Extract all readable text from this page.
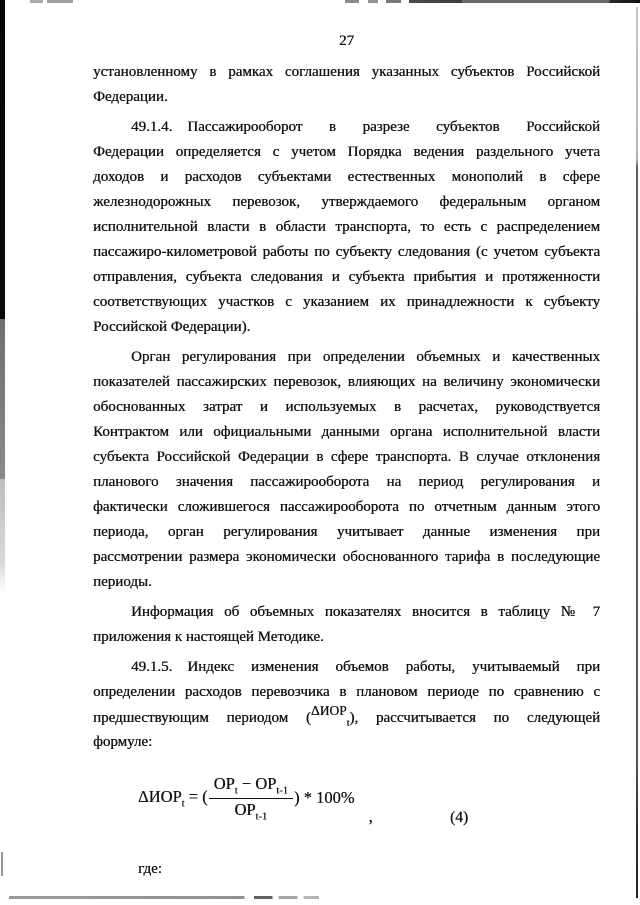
27
установленному в рамках соглашения указанных субъектов Российской
Федерации.
49.1.4. Пассажирооборот в разрезе субъектов Российской
Федерации определяется с учетом Порядка ведения раздельного учета
доходов и расходов субъектами естественных монополий в сфере
железнодорожных перевозок, утверждаемого федеральным органом
исполнительной власти в области транспорта, то есть с распределением
пассажиро-километровой работы по субъекту следования (с учетом субъекта
отправления, субъекта следования и субъекта прибытия и протяженности
соответствующих участков с указанием их принадлежности к субъекту
Российской Федерации).
Орган регулирования при определении объемных и качественных
показателей пассажирских перевозок, влияющих на величину экономически
обоснованных затрат и используемых в расчетах, руководствуется
Контрактом или официальными данными органа исполнительной власти
субъекта Российской Федерации в сфере транспорта. В случае отклонения
планового значения пассажирооборота на период регулирования и
фактически сложившегося пассажирооборота по отчетным данным этого
периода, орган регулирования учитывает данные изменения при
рассмотрении размера экономически обоснованного тарифа в последующие
периоды.
Информация об объемных показателях вносится в таблицу № 7
приложения к настоящей Методике.
49.1.5. Индекс изменения объемов работы, учитываемый при
определении расходов перевозчика в плановом периоде по сравнению с
предшествующим периодом $(\Delta ИОР_t)$, рассчитывается по следующей
формуле:
$\Delta ИОР_t$ = ( $\frac{ОР_t - ОР_{t-1}}{ОР_{t-1}}$ ) * 100%
,	(4)
где:
